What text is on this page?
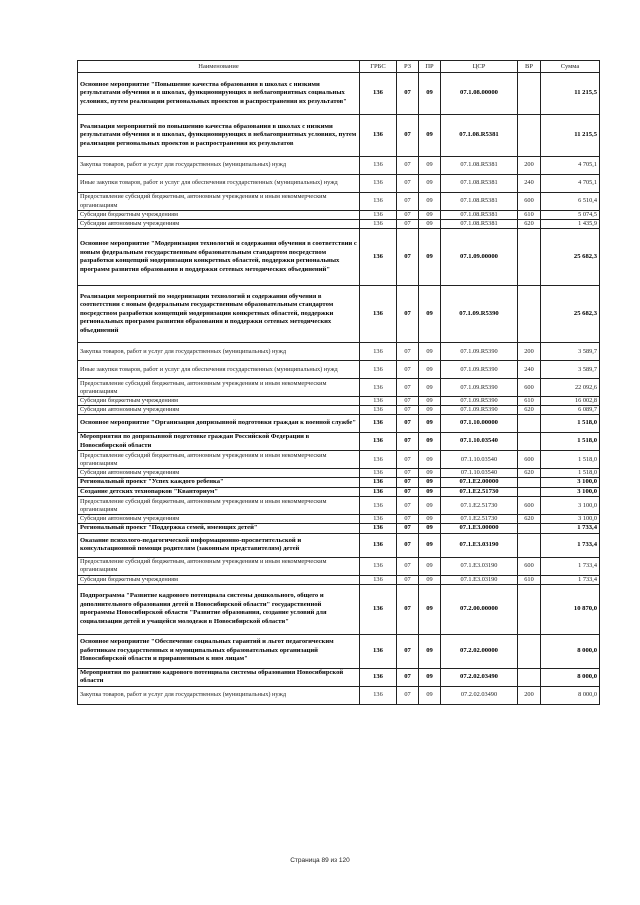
Наименование	ГРБС	РЗ	ПР	ЦСР	ВР	Сумма
Основное мероприятие "Повышение качества образования в школах с низкими результатами обучения и в школах, функционирующих в неблагоприятных социальных условиях, путем реализации региональных проектов и распространения их результатов"	136	07	09	07.1.08.00000		11 215,5
Реализация мероприятий по повышению качества образования в школах с низкими результатами обучения и в школах, функционирующих в неблагоприятных условиях, путем реализации региональных проектов и распространения их результатов	136	07	09	07.1.08.R5381		11 215,5
Закупка товаров, работ и услуг для государственных (муниципальных) нужд	136	07	09	07.1.08.R5381	200	4 705,1
Иные закупки товаров, работ и услуг для обеспечения государственных (муниципальных) нужд	136	07	09	07.1.08.R5381	240	4 705,1
Предоставление субсидий бюджетным, автономным учреждениям и иным некоммерческим организациям	136	07	09	07.1.08.R5381	600	6 510,4
Субсидии бюджетным учреждениям	136	07	09	07.1.08.R5381	610	5 074,5
Субсидии автономным учреждениям	136	07	09	07.1.08.R5381	620	1 435,9
Основное мероприятие "Модернизация технологий и содержания обучения в соответствии с новым федеральным государственным образовательным стандартом посредством разработки концепций модернизации конкретных областей, поддержки региональных программ развития образования и поддержки сетевых методических объединений"	136	07	09	07.1.09.00000		25 682,3
Реализация мероприятий по модернизации технологий и содержания обучения в соответствии с новым федеральным государственным образовательным стандартом посредством разработки концепций модернизации конкретных областей, поддержки региональных программ развития образования и поддержки сетевых методических объединений	136	07	09	07.1.09.R5390		25 682,3
Закупка товаров, работ и услуг для государственных (муниципальных) нужд	136	07	09	07.1.09.R5390	200	3 589,7
Иные закупки товаров, работ и услуг для обеспечения государственных (муниципальных) нужд	136	07	09	07.1.09.R5390	240	3 589,7
Предоставление субсидий бюджетным, автономным учреждениям и иным некоммерческим организациям	136	07	09	07.1.09.R5390	600	22 092,6
Субсидии бюджетным учреждениям	136	07	09	07.1.09.R5390	610	16 002,8
Субсидии автономным учреждениям	136	07	09	07.1.09.R5390	620	6 089,7
Основное мероприятие "Организация допризывной подготовки граждан к военной службе"	136	07	09	07.1.10.00000		1 518,0
Мероприятия по допризывной подготовке граждан Российской Федерации в Новосибирской области	136	07	09	07.1.10.03540		1 518,0
Предоставление субсидий бюджетным, автономным учреждениям и иным некоммерческим организациям	136	07	09	07.1.10.03540	600	1 518,0
Субсидии автономным учреждениям	136	07	09	07.1.10.03540	620	1 518,0
Региональный проект "Успех каждого ребенка"	136	07	09	07.1.E2.00000		3 100,0
Создание детских технопарков "Кванториум"	136	07	09	07.1.E2.51730		3 100,0
Предоставление субсидий бюджетным, автономным учреждениям и иным некоммерческим организациям	136	07	09	07.1.E2.51730	600	3 100,0
Субсидии автономным учреждениям	136	07	09	07.1.E2.51730	620	3 100,0
Региональный проект "Поддержка семей, имеющих детей"	136	07	09	07.1.E3.00000		1 733,4
Оказание психолого-педагогической информационно-просветительской и консультационной помощи родителям (законным представителям) детей	136	07	09	07.1.E3.03190		1 733,4
Предоставление субсидий бюджетным, автономным учреждениям и иным некоммерческим организациям	136	07	09	07.1.E3.03190	600	1 733,4
Субсидии бюджетным учреждениям	136	07	09	07.1.E3.03190	610	1 733,4
Подпрограмма "Развитие кадрового потенциала системы дошкольного, общего и дополнительного образования детей в Новосибирской области" государственной программы Новосибирской области "Развитие образования, создание условий для социализации детей и учащейся молодежи в Новосибирской области"	136	07	09	07.2.00.00000		10 870,0
Основное мероприятие "Обеспечение социальных гарантий и льгот педагогическим работникам государственных и муниципальных образовательных организаций Новосибирской области и приравненным к ним лицам"	136	07	09	07.2.02.00000		8 000,0
Мероприятия по развитию кадрового потенциала системы образования Новосибирской области	136	07	09	07.2.02.03490		8 000,0
Закупка товаров, работ и услуг для государственных (муниципальных) нужд	136	07	09	07.2.02.03490	200	8 000,0
Страница 89 из 120
